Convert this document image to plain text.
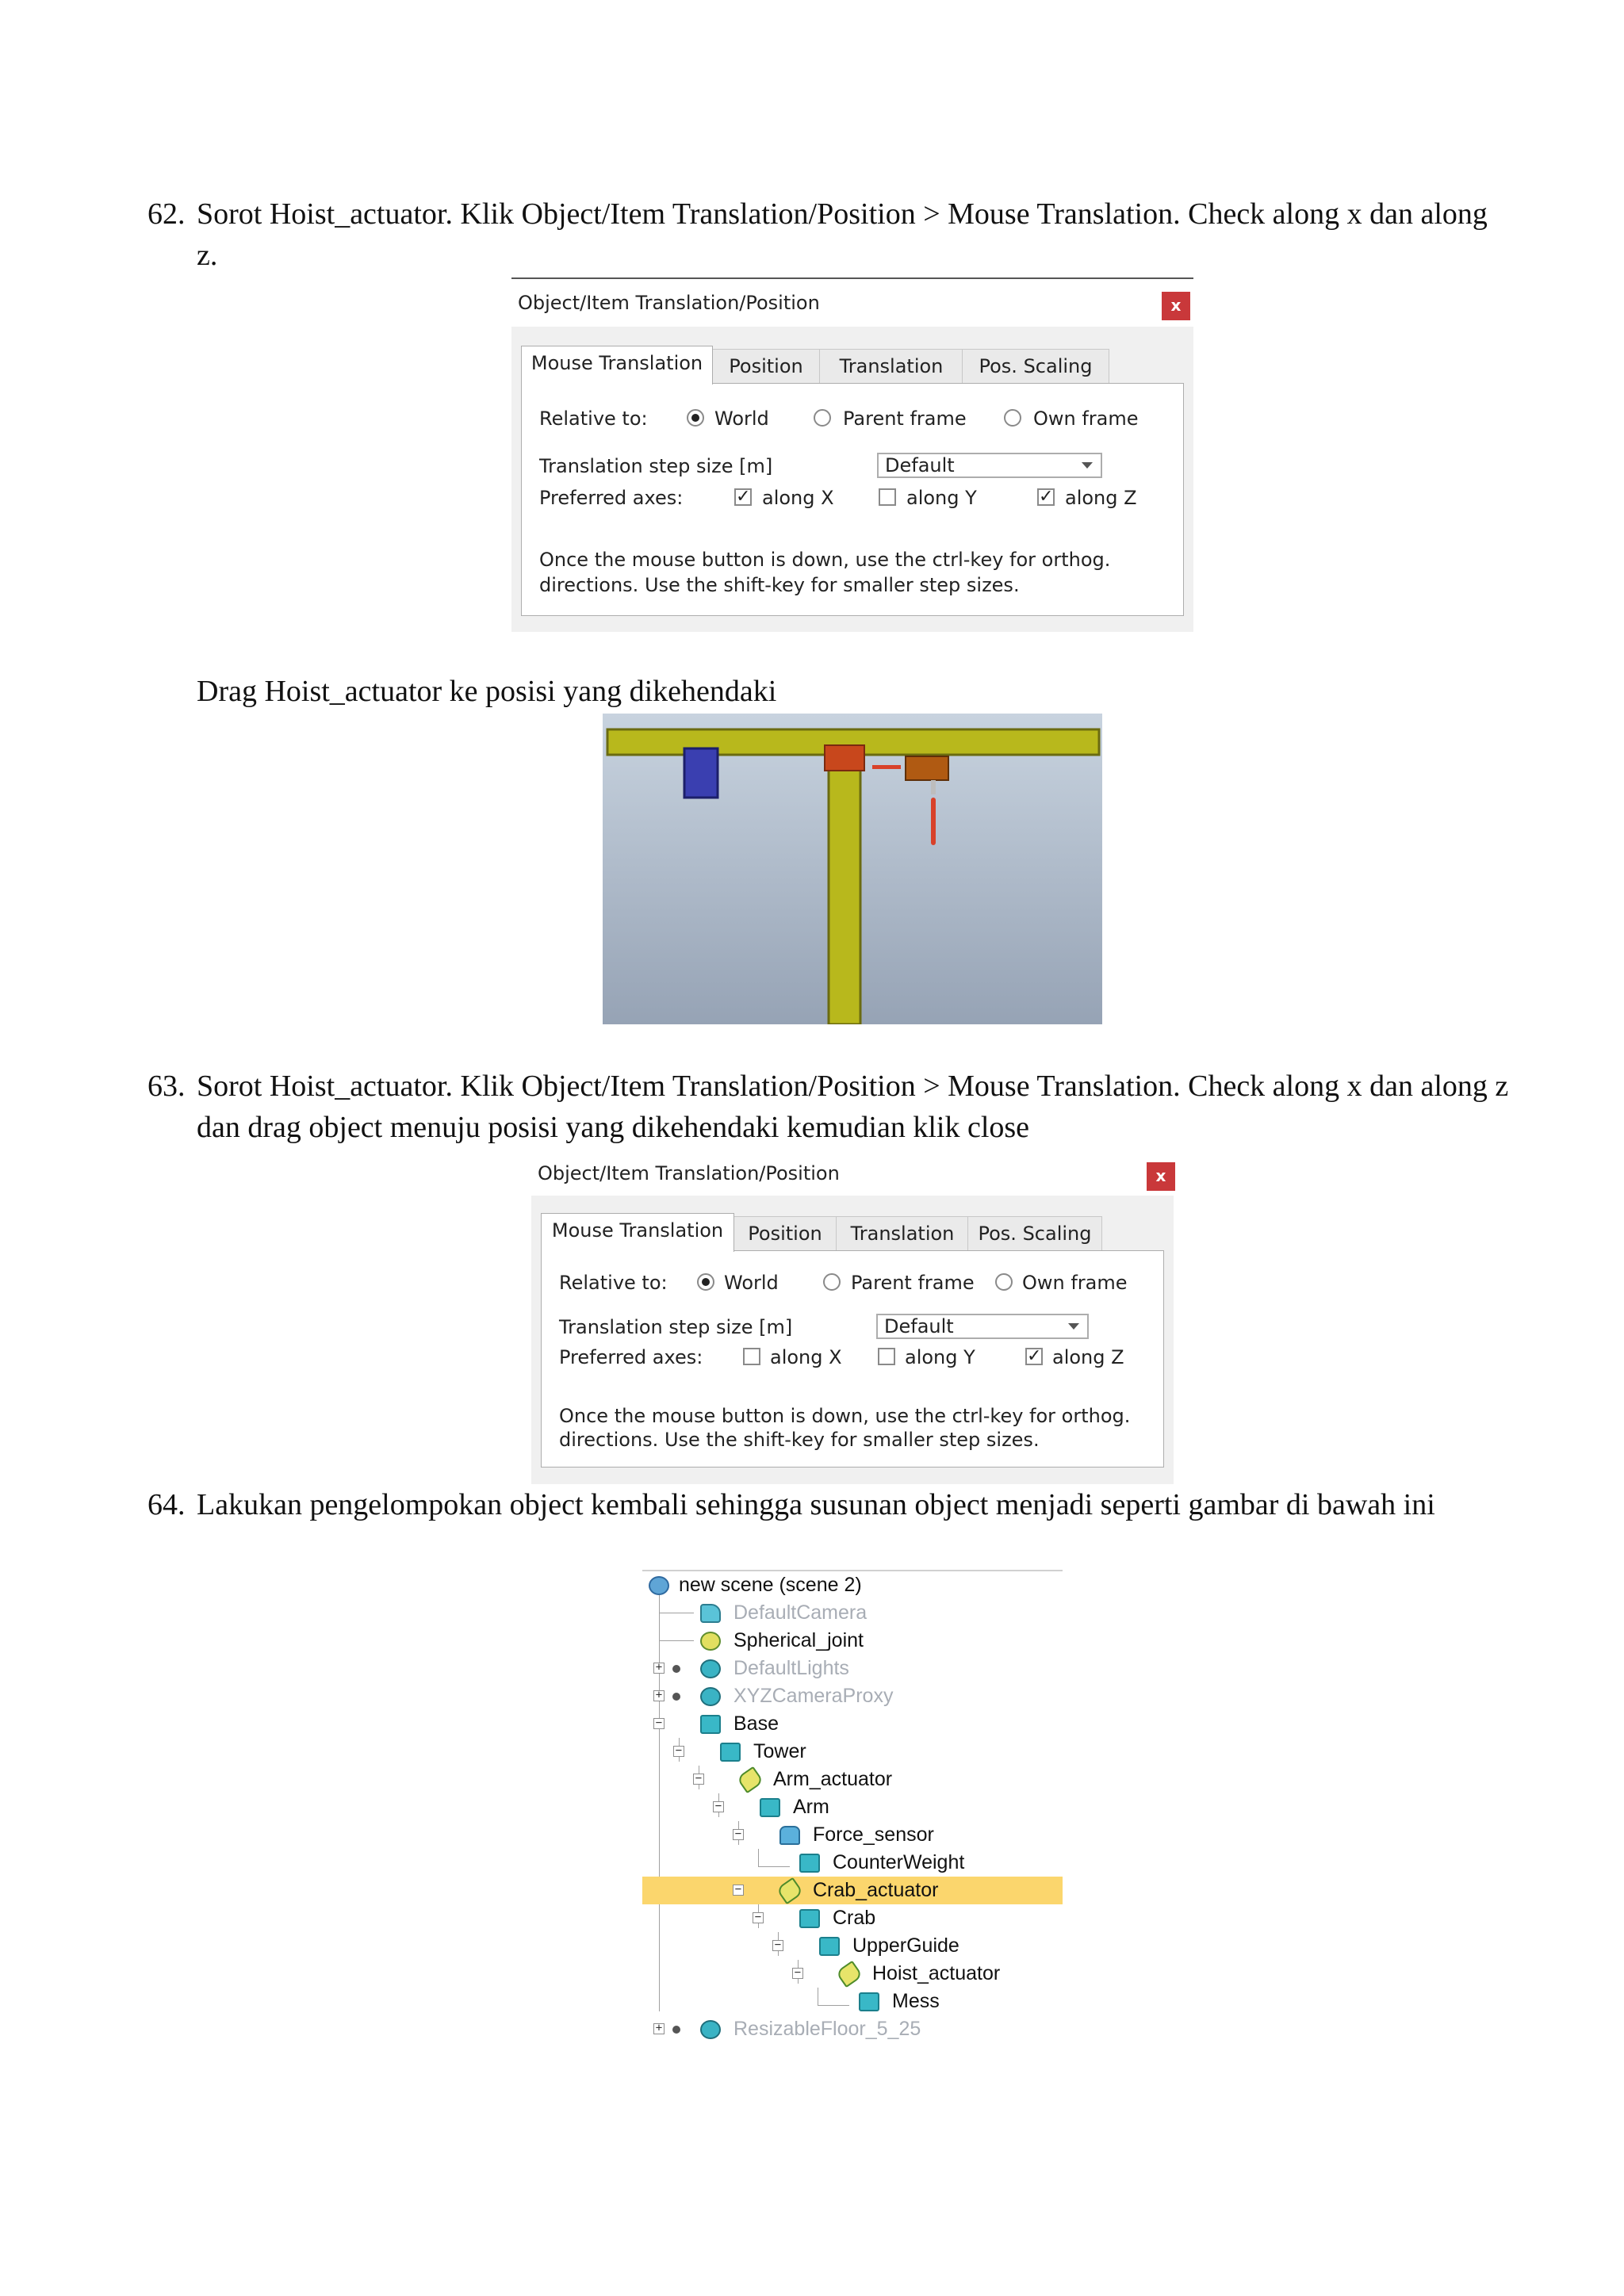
62. Sorot Hoist_actuator. Klik Object/Item Translation/Position > Mouse Translation. Check along x dan along z.
Object/Item Translation/Position	x
Mouse Translation	Position	Translation	Pos. Scaling
Relative to:	World	Parent frame	Own frame
Translation step size [m]	Default
Preferred axes:	✓ along X	along Y	✓ along Z
Once the mouse button is down, use the ctrl-key for orthog.
directions. Use the shift-key for smaller step sizes.
Drag Hoist_actuator ke posisi yang dikehendaki
63. Sorot Hoist_actuator. Klik Object/Item Translation/Position > Mouse Translation. Check along x dan along z dan drag object menuju posisi yang dikehendaki kemudian klik close
Object/Item Translation/Position	x
Mouse Translation	Position	Translation	Pos. Scaling
Relative to:	World	Parent frame	Own frame
Translation step size [m]	Default
Preferred axes:	along X	along Y	✓ along Z
Once the mouse button is down, use the ctrl-key for orthog.
directions. Use the shift-key for smaller step sizes.
64. Lakukan pengelompokan object kembali sehingga susunan object menjadi seperti gambar di bawah ini
new scene (scene 2)
DefaultCamera
Spherical_joint
+	DefaultLights
+	XYZCameraProxy
−	Base
−	Tower
−	Arm_actuator
−	Arm
−	Force_sensor
CounterWeight
−	Crab_actuator
−	Crab
−	UpperGuide
−	Hoist_actuator
Mess
+	ResizableFloor_5_25
